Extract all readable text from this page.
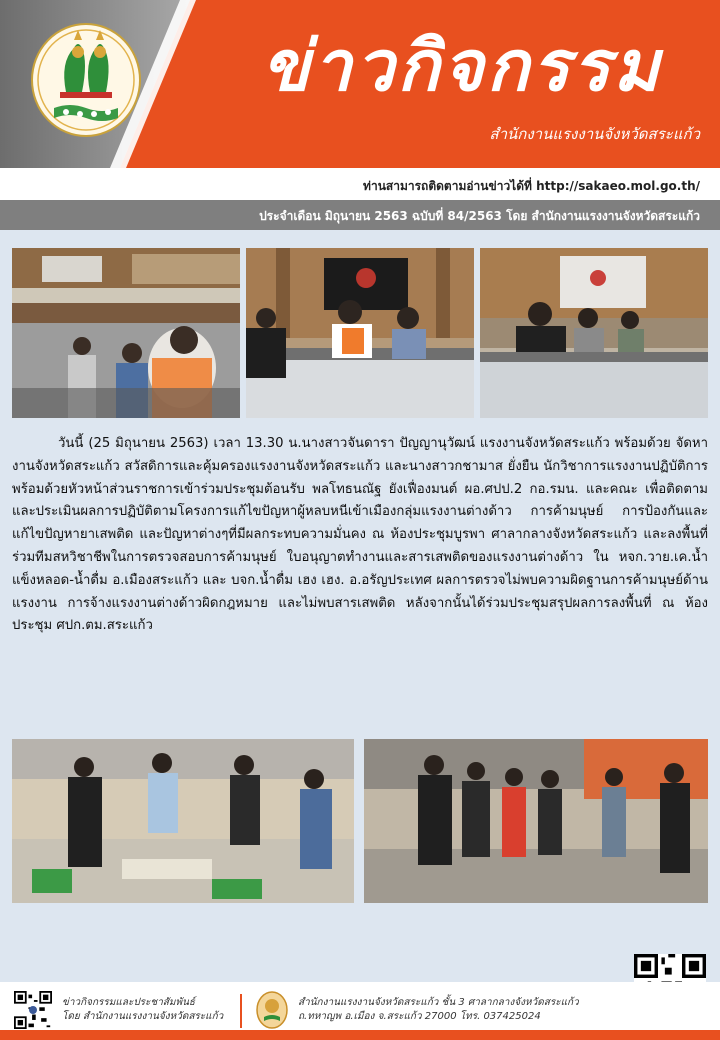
ข่าวกิจกรรม
สำนักงานแรงงานจังหวัดสระแก้ว
ท่านสามารถติดตามอ่านข่าวได้ที่ http://sakaeo.mol.go.th/
ประจำเดือน มิถุนายน 2563 ฉบับที่ 84/2563 โดย สำนักงานแรงงานจังหวัดสระแก้ว
วันนี้ (25 มิถุนายน 2563) เวลา 13.30 น.นางสาวจันดารา ปัญญานุวัฒน์ แรงงานจังหวัดสระแก้ว พร้อมด้วย จัดหางานจังหวัดสระแก้ว สวัสดิการและคุ้มครองแรงงานจังหวัดสระแก้ว และนางสาวกชามาส ยั่งยืน นักวิชาการแรงงานปฏิบัติการ พร้อมด้วยหัวหน้าส่วนราชการเข้าร่วมประชุมต้อนรับ พลโทธนณัฐ ยังเฟื่องมนต์ ผอ.ศปป.2 กอ.รมน. และคณะ เพื่อติดตามและประเมินผลการปฏิบัติตามโครงการแก้ไขปัญหาผู้หลบหนีเข้าเมืองกลุ่มแรงงานต่างด้าว การค้ามนุษย์ การป้องกันและแก้ไขปัญหายาเสพติด และปัญหาต่างๆที่มีผลกระทบความมั่นคง ณ ห้องประชุมบูรพา ศาลากลางจังหวัดสระแก้ว และลงพื้นที่ร่วมทีมสหวิชาชีพในการตรวจสอบการค้ามนุษย์ ใบอนุญาตทำงานและสารเสพติดของแรงงานต่างด้าว ใน หจก.วาย.เค.น้ำแข็งหลอด-น้ำดื่ม อ.เมืองสระแก้ว และ บจก.น้ำดื่ม เฮง เฮง. อ.อรัญประเทศ ผลการตรวจไม่พบความผิดฐานการค้ามนุษย์ด้านแรงงาน การจ้างแรงงานต่างด้าวผิดกฎหมาย และไม่พบสารเสพติด หลังจากนั้นได้ร่วมประชุมสรุปผลการลงพื้นที่ ณ ห้องประชุม ศปก.ตม.สระแก้ว
ข่าวกิจกรรมและประชาสัมพันธ์
โดย สำนักงานแรงงานจังหวัดสระแก้ว
สำนักงานแรงงานจังหวัดสระแก้ว ชั้น 3 ศาลากลางจังหวัดสระแก้ว
ถ.ทหาญพ อ.เมือง จ.สระแก้ว 27000 โทร. 037425024
